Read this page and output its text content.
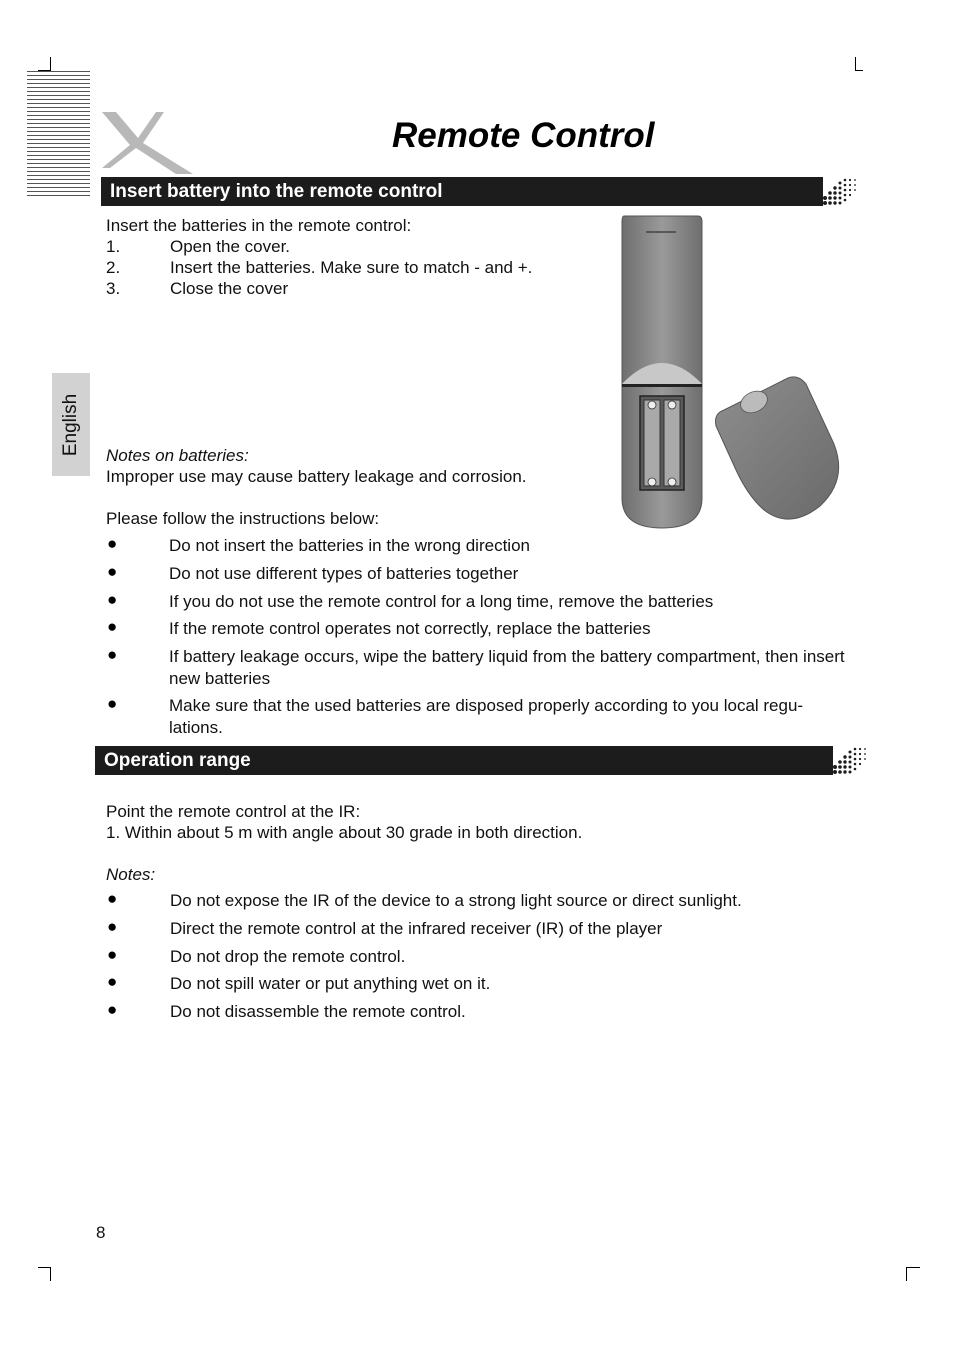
Remote Control
English
Insert battery into the remote control
Insert the batteries in the remote control:
1.	Open the cover.
2.	Insert the batteries. Make sure to match - and +.
3.	Close the cover
Notes on batteries:
Improper use may cause battery leakage and corrosion.
Please follow the instructions below:
●	Do not insert the batteries in the wrong direction
●	Do not use different types of batteries together
●	If you do not use the remote control for a long time, remove the batteries
●	If the remote control operates not correctly, replace the batteries
●	If battery leakage occurs, wipe the battery liquid from the battery compartment, then insert new batteries
●	Make sure that the used batteries are disposed properly according to you local regu-lations.
Operation range
Point the remote control at the IR:
1. Within about 5 m with angle about 30 grade in both direction.
Notes:
●	Do not expose the IR of the device to a strong light source or direct sunlight.
●	Direct the remote control at the infrared receiver (IR) of the player
●	Do not drop the remote control.
●	Do not spill water or put anything wet on it.
●	Do not disassemble the remote control.
8
